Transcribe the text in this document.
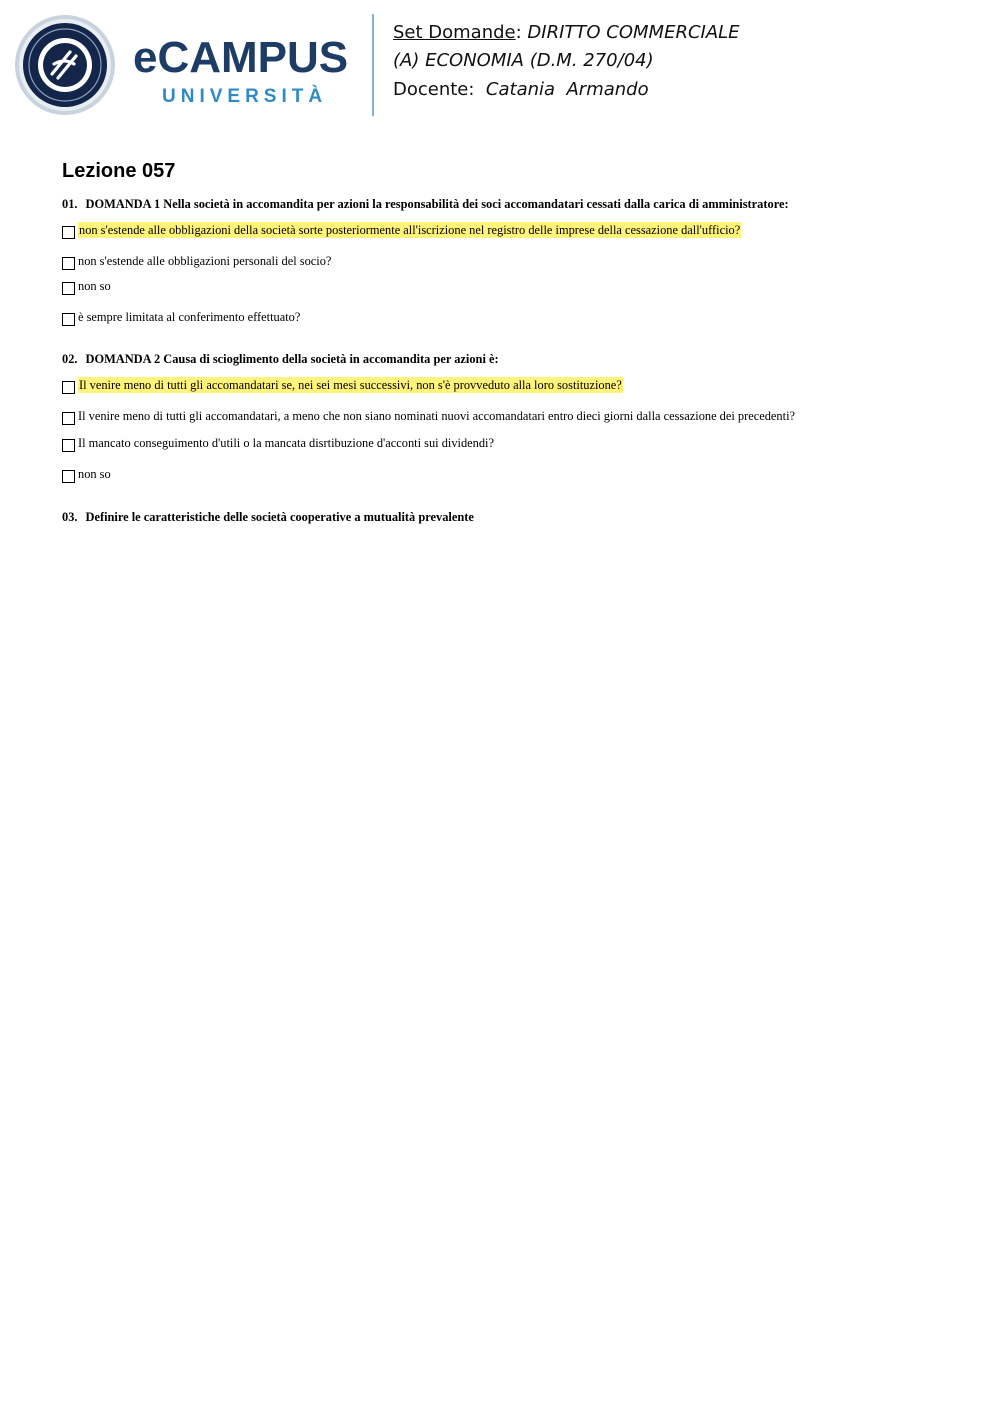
eCAMPUS
UNIVERSITÀ
Set Domande: DIRITTO COMMERCIALE
(A) ECONOMIA (D.M. 270/04)
Docente: Catania  Armando
Lezione 057
01. DOMANDA 1 Nella società in accomandita per azioni la responsabilità dei soci accomandatari cessati dalla carica di amministratore:
non s'estende alle obbligazioni della società sorte posteriormente all'iscrizione nel registro delle imprese della cessazione dall'ufficio?
non s'estende alle obbligazioni personali del socio?
non so
è sempre limitata al conferimento effettuato?
02. DOMANDA 2 Causa di scioglimento della società in accomandita per azioni è:
Il venire meno di tutti gli accomandatari se, nei sei mesi successivi, non s'è provveduto alla loro sostituzione?
Il venire meno di tutti gli accomandatari, a meno che non siano nominati nuovi accomandatari entro dieci giorni dalla cessazione dei precedenti?
Il mancato conseguimento d'utili o la mancata disrtibuzione d'acconti sui dividendi?
non so
03. Definire le caratteristiche delle società cooperative a mutualità prevalente
